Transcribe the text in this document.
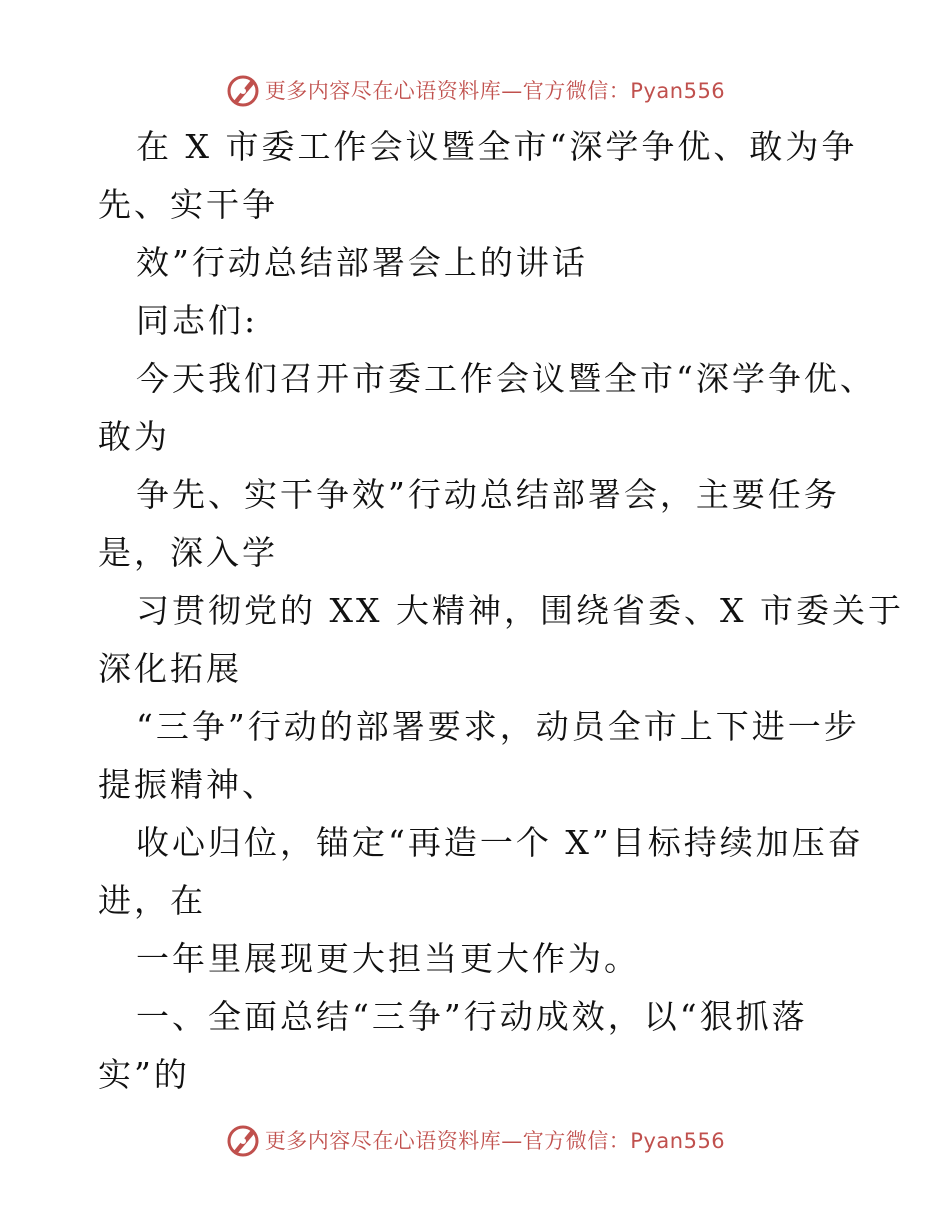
更多内容尽在心语资料库—官方微信：Pyan556
在 X 市委工作会议暨全市“深学争优、敢为争
先、实干争
效”行动总结部署会上的讲话
同志们:
今天我们召开市委工作会议暨全市“深学争优、
敢为
争先、实干争效”行动总结部署会，主要任务
是，深入学
习贯彻党的 XX 大精神，围绕省委、X 市委关于
深化拓展
“三争”行动的部署要求，动员全市上下进一步
提振精神、
收心归位，锚定“再造一个 X”目标持续加压奋
进，在
一年里展现更大担当更大作为。
一、全面总结“三争”行动成效，以“狠抓落
实”的
更多内容尽在心语资料库—官方微信：Pyan556
